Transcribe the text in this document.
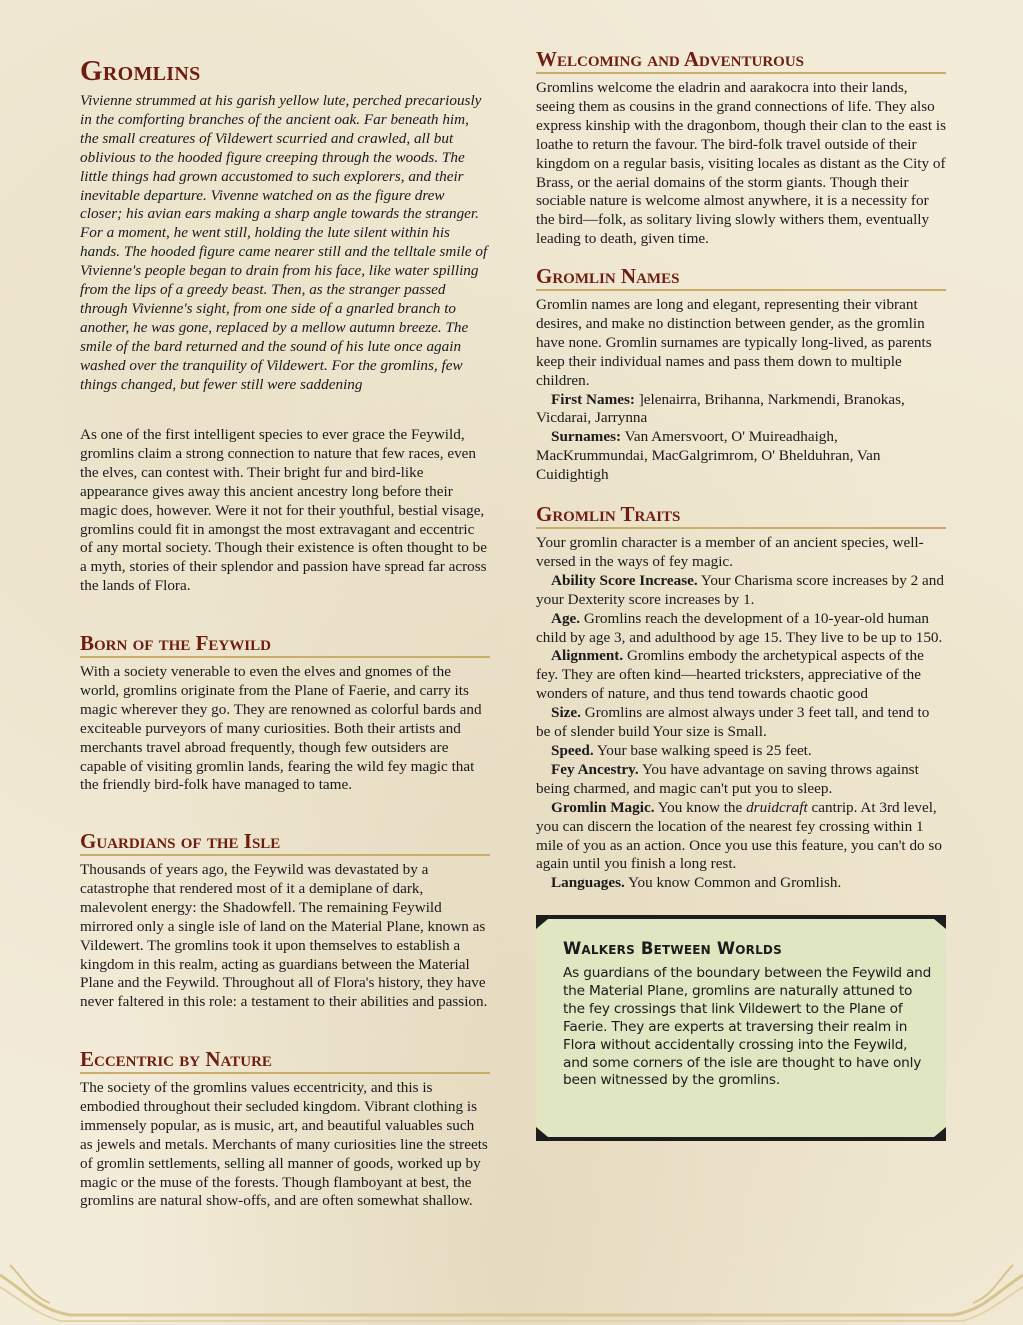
Gromlins

Vivienne strummed at his garish yellow lute, perched precariously in the comforting branches of the ancient oak. Far beneath him, the small creatures of Vildewert scurried and crawled, all but oblivious to the hooded figure creeping through the woods. The little things had grown accustomed to such explorers, and their inevitable departure. Vivenne watched on as the figure drew closer; his avian ears making a sharp angle towards the stranger. For a moment, he went still, holding the lute silent within his hands. The hooded figure came nearer still and the telltale smile of Vivienne's people began to drain from his face, like water spilling from the lips of a greedy beast. Then, as the stranger passed through Vivienne's sight, from one side of a gnarled branch to another, he was gone, replaced by a mellow autumn breeze. The smile of the bard returned and the sound of his lute once again washed over the tranquility of Vildewert. For the gromlins, few things changed, but fewer still were saddening

As one of the first intelligent species to ever grace the Feywild, gromlins claim a strong connection to nature that few races, even the elves, can contest with. Their bright fur and bird-like appearance gives away this ancient ancestry long before their magic does, however. Were it not for their youthful, bestial visage, gromlins could fit in amongst the most extravagant and eccentric of any mortal society. Though their existence is often thought to be a myth, stories of their splendor and passion have spread far across the lands of Flora.

Born of the Feywild

With a society venerable to even the elves and gnomes of the world, gromlins originate from the Plane of Faerie, and carry its magic wherever they go. They are renowned as colorful bards and exciteable purveyors of many curiosities. Both their artists and merchants travel abroad frequently, though few outsiders are capable of visiting gromlin lands, fearing the wild fey magic that the friendly bird-folk have managed to tame.

Guardians of the Isle

Thousands of years ago, the Feywild was devastated by a catastrophe that rendered most of it a demiplane of dark, malevolent energy: the Shadowfell. The remaining Feywild mirrored only a single isle of land on the Material Plane, known as Vildewert. The gromlins took it upon themselves to establish a kingdom in this realm, acting as guardians between the Material Plane and the Feywild. Throughout all of Flora's history, they have never faltered in this role: a testament to their abilities and passion.

Eccentric by Nature

The society of the gromlins values eccentricity, and this is embodied throughout their secluded kingdom. Vibrant clothing is immensely popular, as is music, art, and beautiful valuables such as jewels and metals. Merchants of many curiosities line the streets of gromlin settlements, selling all manner of goods, worked up by magic or the muse of the forests. Though flamboyant at best, the gromlins are natural show-offs, and are often somewhat shallow.

Welcoming and Adventurous

Gromlins welcome the eladrin and aarakocra into their lands, seeing them as cousins in the grand connections of life. They also express kinship with the dragonbom, though their clan to the east is loathe to return the favour. The bird-folk travel outside of their kingdom on a regular basis, visiting locales as distant as the City of Brass, or the aerial domains of the storm giants. Though their sociable nature is welcome almost anywhere, it is a necessity for the bird—folk, as solitary living slowly withers them, eventually leading to death, given time.

Gromlin Names

Gromlin names are long and elegant, representing their vibrant desires, and make no distinction between gender, as the gromlin have none. Gromlin surnames are typically long-lived, as parents keep their individual names and pass them down to multiple children.

First Names: ]elenairra, Brihanna, Narkmendi, Branokas, Vicdarai, Jarrynna

Surnames: Van Amersvoort, O' Muireadhaigh, MacKrummundai, MacGalgrimrom, O' Bhelduhran, Van Cuidightigh

Gromlin Traits

Your gromlin character is a member of an ancient species, well-versed in the ways of fey magic.

Ability Score Increase. Your Charisma score increases by 2 and your Dexterity score increases by 1.

Age. Gromlins reach the development of a 10-year-old human child by age 3, and adulthood by age 15. They live to be up to 150.

Alignment. Gromlins embody the archetypical aspects of the fey. They are often kind—hearted tricksters, appreciative of the wonders of nature, and thus tend towards chaotic good

Size. Gromlins are almost always under 3 feet tall, and tend to be of slender build Your size is Small.

Speed. Your base walking speed is 25 feet.

Fey Ancestry. You have advantage on saving throws against being charmed, and magic can't put you to sleep.

Gromlin Magic. You know the druidcraft cantrip. At 3rd level, you can discern the location of the nearest fey crossing within 1 mile of you as an action. Once you use this feature, you can't do so again until you finish a long rest.

Languages. You know Common and Gromlish.

Walkers Between Worlds
As guardians of the boundary between the Feywild and the Material Plane, gromlins are naturally attuned to the fey crossings that link Vildewert to the Plane of Faerie. They are experts at traversing their realm in Flora without accidentally crossing into the Feywild, and some corners of the isle are thought to have only been witnessed by the gromlins.
